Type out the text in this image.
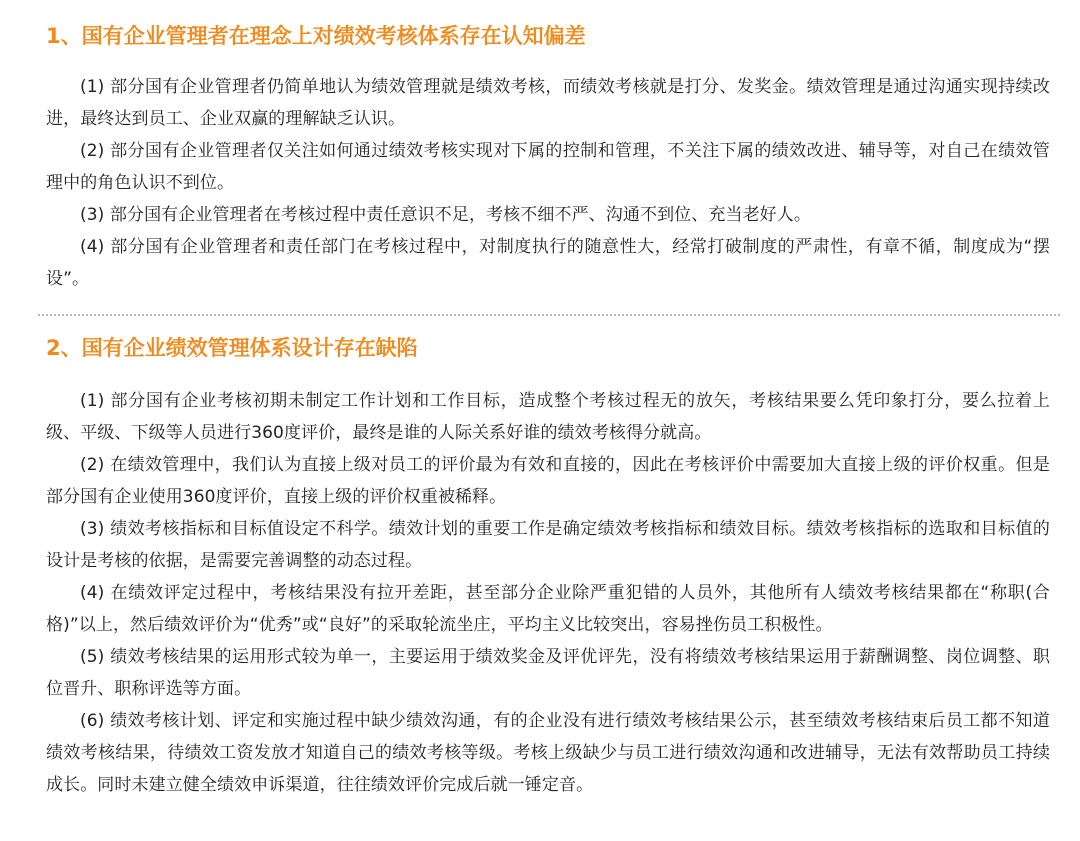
1、国有企业管理者在理念上对绩效考核体系存在认知偏差

(1) 部分国有企业管理者仍简单地认为绩效管理就是绩效考核，而绩效考核就是打分、发奖金。绩效管理是通过沟通实现持续改进，最终达到员工、企业双赢的理解缺乏认识。

(2) 部分国有企业管理者仅关注如何通过绩效考核实现对下属的控制和管理，不关注下属的绩效改进、辅导等，对自己在绩效管理中的角色认识不到位。

(3) 部分国有企业管理者在考核过程中责任意识不足，考核不细不严、沟通不到位、充当老好人。

(4) 部分国有企业管理者和责任部门在考核过程中，对制度执行的随意性大，经常打破制度的严肃性，有章不循，制度成为“摆设”。

2、国有企业绩效管理体系设计存在缺陷

(1) 部分国有企业考核初期未制定工作计划和工作目标，造成整个考核过程无的放矢，考核结果要么凭印象打分，要么拉着上级、平级、下级等人员进行360度评价，最终是谁的人际关系好谁的绩效考核得分就高。

(2) 在绩效管理中，我们认为直接上级对员工的评价最为有效和直接的，因此在考核评价中需要加大直接上级的评价权重。但是部分国有企业使用360度评价，直接上级的评价权重被稀释。

(3) 绩效考核指标和目标值设定不科学。绩效计划的重要工作是确定绩效考核指标和绩效目标。绩效考核指标的选取和目标值的设计是考核的依据，是需要完善调整的动态过程。

(4) 在绩效评定过程中，考核结果没有拉开差距，甚至部分企业除严重犯错的人员外，其他所有人绩效考核结果都在“称职(合格)”以上，然后绩效评价为“优秀”或“良好”的采取轮流坐庄，平均主义比较突出，容易挫伤员工积极性。

(5) 绩效考核结果的运用形式较为单一，主要运用于绩效奖金及评优评先，没有将绩效考核结果运用于薪酬调整、岗位调整、职位晋升、职称评选等方面。

(6) 绩效考核计划、评定和实施过程中缺少绩效沟通，有的企业没有进行绩效考核结果公示，甚至绩效考核结束后员工都不知道绩效考核结果，待绩效工资发放才知道自己的绩效考核等级。考核上级缺少与员工进行绩效沟通和改进辅导，无法有效帮助员工持续成长。同时未建立健全绩效申诉渠道，往往绩效评价完成后就一锤定音。
